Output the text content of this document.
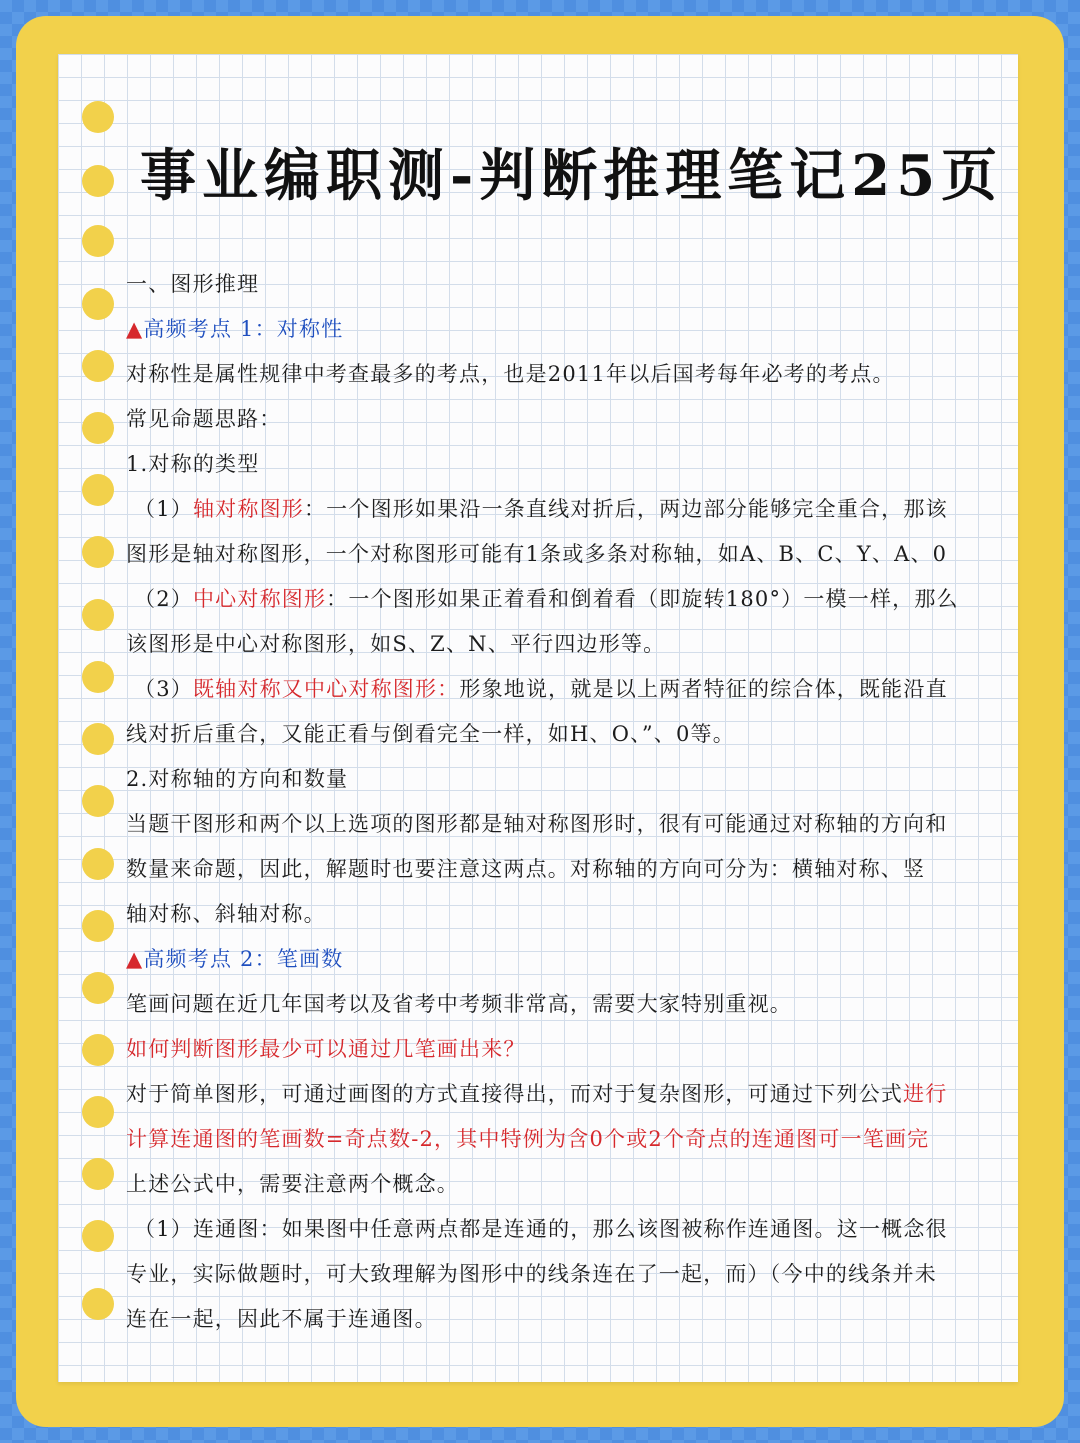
事业编职测-判断推理笔记25页
一、图形推理
▲高频考点 1：对称性
对称性是属性规律中考查最多的考点，也是2011年以后国考每年必考的考点。
常见命题思路：
1.对称的类型
（1）轴对称图形：一个图形如果沿一条直线对折后，两边部分能够完全重合，那该
图形是轴对称图形，一个对称图形可能有1条或多条对称轴，如A、B、C、Y、A、0
（2）中心对称图形：一个图形如果正着看和倒着看（即旋转180°）一模一样，那么
该图形是中心对称图形，如S、Z、N、平行四边形等。
（3）既轴对称又中心对称图形：形象地说，就是以上两者特征的综合体，既能沿直
线对折后重合，又能正看与倒看完全一样，如H、O、”、0等。
2.对称轴的方向和数量
当题干图形和两个以上选项的图形都是轴对称图形时，很有可能通过对称轴的方向和
数量来命题，因此，解题时也要注意这两点。对称轴的方向可分为：横轴对称、竖
轴对称、斜轴对称。
▲高频考点 2：笔画数
笔画问题在近几年国考以及省考中考频非常高，需要大家特别重视。
如何判断图形最少可以通过几笔画出来？
对于简单图形，可通过画图的方式直接得出，而对于复杂图形，可通过下列公式进行
计算连通图的笔画数=奇点数-2，其中特例为含0个或2个奇点的连通图可一笔画完
上述公式中，需要注意两个概念。
（1）连通图：如果图中任意两点都是连通的，那么该图被称作连通图。这一概念很
专业，实际做题时，可大致理解为图形中的线条连在了一起，而）（今中的线条并未
连在一起，因此不属于连通图。
